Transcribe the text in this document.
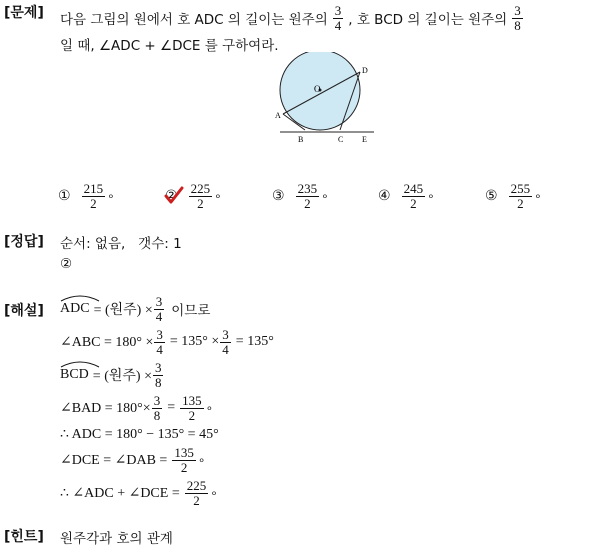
[문제] 다음 그림의 원에서 호 ADC 의 길이는 원주의 $\frac{3}{4}$ , 호 BCD 의 길이는 원주의 $\frac{3}{8}$
일 때, ∠ADC + ∠DCE 를 구하여라.
O
D
A
B	C E
① $\frac{215}{2}$ ∘	② $\frac{225}{2}$ ∘	③ $\frac{235}{2}$ ∘	④ $\frac{245}{2}$ ∘	⑤ $\frac{255}{2}$ ∘
[정답] 순서: 없음,   갯수: 1
②
[해설] ADC = (원주) × $\frac{3}{4}$ 이므로
∠ABC = $180^\circ \times \frac{3}{4} = 135^\circ \times \frac{3}{4} = 135^\circ$
BCD = (원주) × $\frac{3}{8}$
∠BAD = $180^\circ\times \frac{3}{8} = \frac{135}{2}$ ∘
∴ ADC = 180° − 135° = 45°
∠DCE = ∠DAB = $\frac{135}{2}$ ∘
∴ ∠ADC + ∠DCE = $\frac{225}{2}$ ∘
[힌트] 원주각과 호의 관계
